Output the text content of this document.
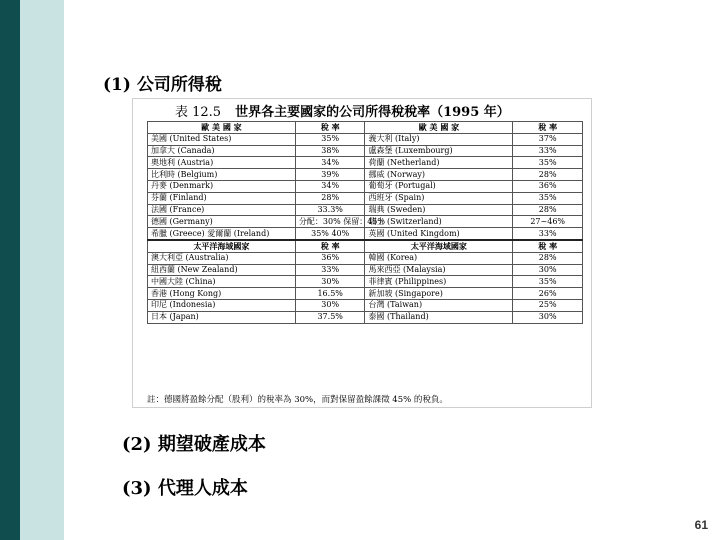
(1) 公司所得稅
表 12.5 世界各主要國家的公司所得稅稅率（1995 年）
歐 美 國 家	稅 率	歐 美 國 家	稅 率
美國 (United States)	35%	義大利 (Italy)	37%
加拿大 (Canada)	38%	盧森堡 (Luxembourg)	33%
奧地利 (Austria)	34%	荷蘭 (Netherland)	35%
比利時 (Belgium)	39%	挪威 (Norway)	28%
丹麥 (Denmark)	34%	葡萄牙 (Portugal)	36%
芬蘭 (Finland)	28%	西班牙 (Spain)	35%
法國 (France)	33.3%	瑞典 (Sweden)	28%
德國 (Germany)	分配：30% 保留：45%	瑞士 (Switzerland)	27~46%
希臘 (Greece) 愛爾蘭 (Ireland)	35% 40%	英國 (United Kingdom)	33%
太平洋海域國家	稅 率	太平洋海域國家	稅 率
澳大利亞 (Australia)	36%	韓國 (Korea)	28%
紐西蘭 (New Zealand)	33%	馬來西亞 (Malaysia)	30%
中國大陸 (China)	30%	菲律賓 (Philippines)	35%
香港 (Hong Kong)	16.5%	新加坡 (Singapore)	26%
印尼 (Indonesia)	30%	台灣 (Taiwan)	25%
日本 (Japan)	37.5%	泰國 (Thailand)	30%
註：德國將盈餘分配（股利）的稅率為 30%，而對保留盈餘課徵 45% 的稅負。
(2) 期望破產成本
(3) 代理人成本
61
